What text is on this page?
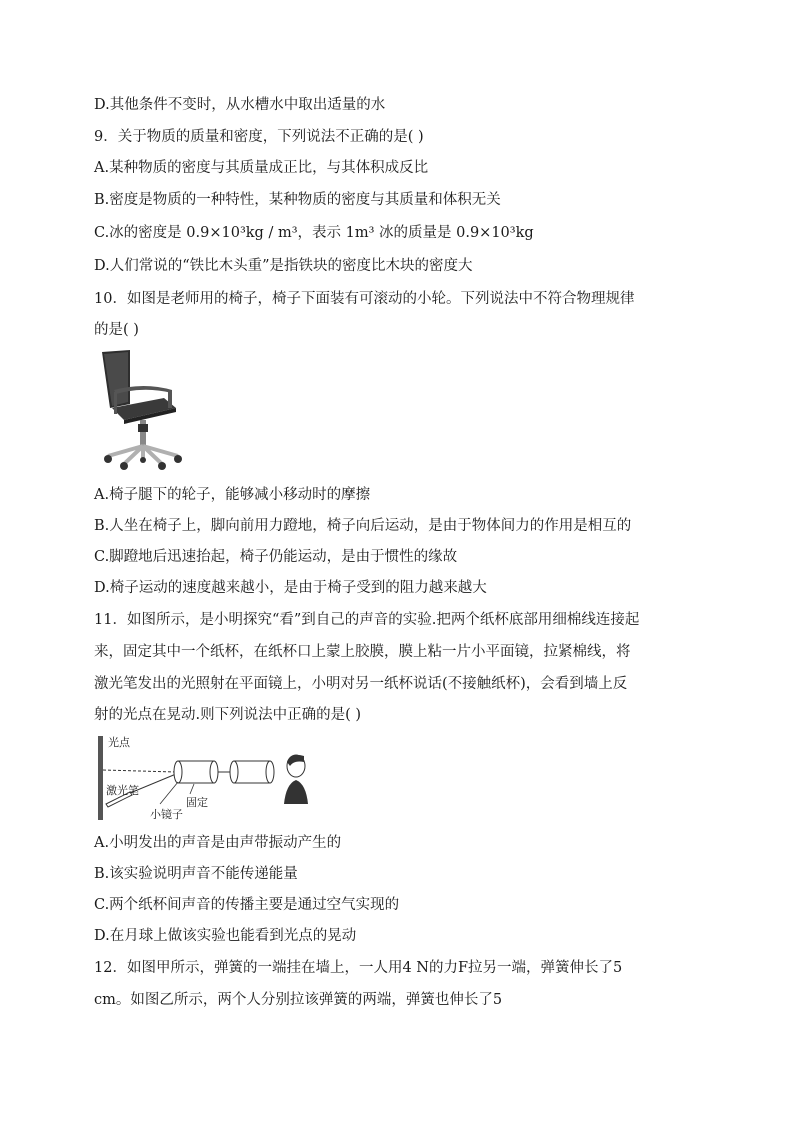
D.其他条件不变时，从水槽水中取出适量的水
9．关于物质的质量和密度，下列说法不正确的是( )
A.某种物质的密度与其质量成正比，与其体积成反比
B.密度是物质的一种特性，某种物质的密度与其质量和体积无关
C.冰的密度是 0.9×10³kg / m³，表示 1m³ 冰的质量是 0.9×10³kg
D.人们常说的“铁比木头重”是指铁块的密度比木块的密度大
10．如图是老师用的椅子，椅子下面装有可滚动的小轮。下列说法中不符合物理规律
的是( )
A.椅子腿下的轮子，能够减小移动时的摩擦
B.人坐在椅子上，脚向前用力蹬地，椅子向后运动，是由于物体间力的作用是相互的
C.脚蹬地后迅速抬起，椅子仍能运动，是由于惯性的缘故
D.椅子运动的速度越来越小，是由于椅子受到的阻力越来越大
11．如图所示，是小明探究“看”到自己的声音的实验.把两个纸杯底部用细棉线连接起
来，固定其中一个纸杯，在纸杯口上蒙上胶膜，膜上粘一片小平面镜，拉紧棉线，将
激光笔发出的光照射在平面镜上，小明对另一纸杯说话(不接触纸杯)，会看到墙上反
射的光点在晃动.则下列说法中正确的是( )
光点
激光笔
固定
小镜子
A.小明发出的声音是由声带振动产生的
B.该实验说明声音不能传递能量
C.两个纸杯间声音的传播主要是通过空气实现的
D.在月球上做该实验也能看到光点的晃动
12．如图甲所示，弹簧的一端挂在墙上，一人用4 N的力F拉另一端，弹簧伸长了5
cm。如图乙所示，两个人分别拉该弹簧的两端，弹簧也伸长了5
